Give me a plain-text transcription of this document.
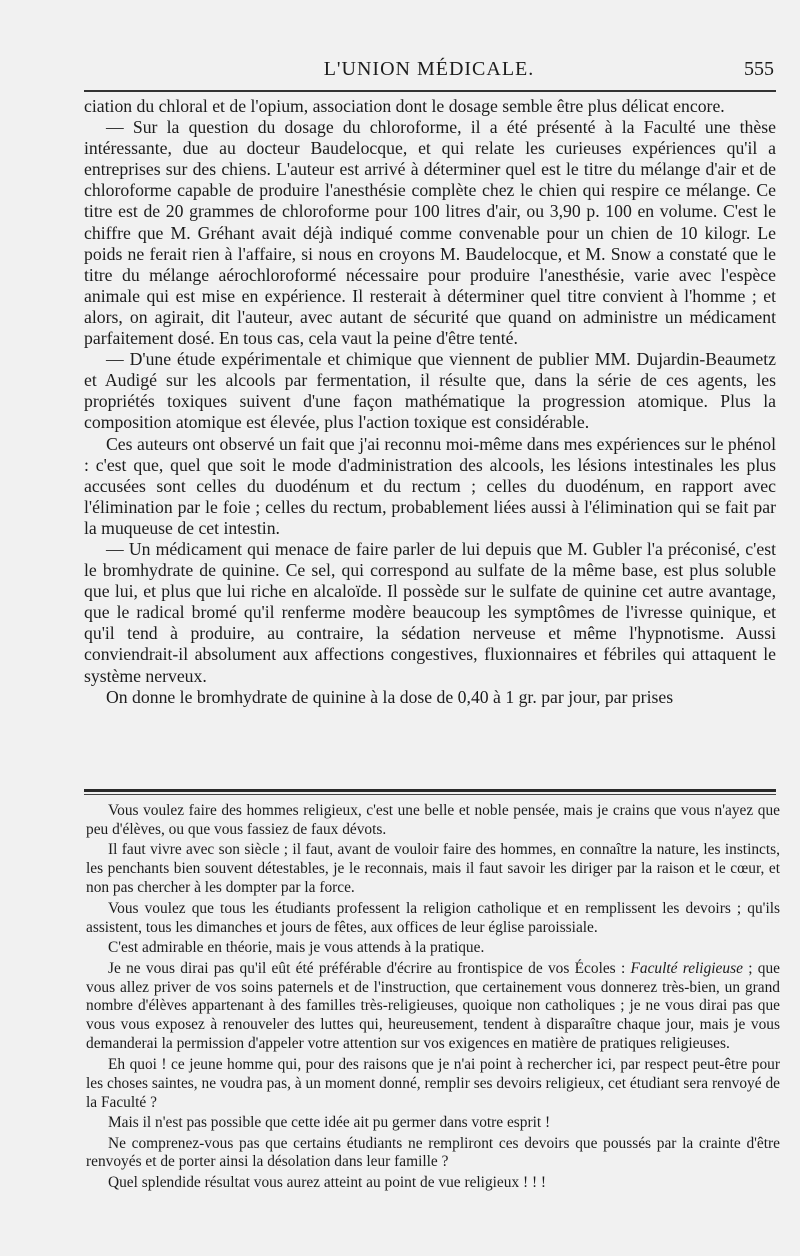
L'UNION MÉDICALE.	555

ciation du chloral et de l'opium, association dont le dosage semble être plus délicat encore.

— Sur la question du dosage du chloroforme, il a été présenté à la Faculté une thèse intéressante, due au docteur Baudelocque, et qui relate les curieuses expériences qu'il a entreprises sur des chiens. L'auteur est arrivé à déterminer quel est le titre du mélange d'air et de chloroforme capable de produire l'anesthésie complète chez le chien qui respire ce mélange. Ce titre est de 20 grammes de chloroforme pour 100 litres d'air, ou 3,90 p. 100 en volume. C'est le chiffre que M. Gréhant avait déjà indiqué comme convenable pour un chien de 10 kilogr. Le poids ne ferait rien à l'affaire, si nous en croyons M. Baudelocque, et M. Snow a constaté que le titre du mélange aérochloroformé nécessaire pour produire l'anesthésie, varie avec l'espèce animale qui est mise en expérience. Il resterait à déterminer quel titre convient à l'homme ; et alors, on agirait, dit l'auteur, avec autant de sécurité que quand on administre un médicament parfaitement dosé. En tous cas, cela vaut la peine d'être tenté.

— D'une étude expérimentale et chimique que viennent de publier MM. Dujardin-Beaumetz et Audigé sur les alcools par fermentation, il résulte que, dans la série de ces agents, les propriétés toxiques suivent d'une façon mathématique la progression atomique. Plus la composition atomique est élevée, plus l'action toxique est considérable.

Ces auteurs ont observé un fait que j'ai reconnu moi-même dans mes expériences sur le phénol : c'est que, quel que soit le mode d'administration des alcools, les lésions intestinales les plus accusées sont celles du duodénum et du rectum ; celles du duodénum, en rapport avec l'élimination par le foie ; celles du rectum, probablement liées aussi à l'élimination qui se fait par la muqueuse de cet intestin.

— Un médicament qui menace de faire parler de lui depuis que M. Gubler l'a préconisé, c'est le bromhydrate de quinine. Ce sel, qui correspond au sulfate de la même base, est plus soluble que lui, et plus que lui riche en alcaloïde. Il possède sur le sulfate de quinine cet autre avantage, que le radical bromé qu'il renferme modère beaucoup les symptômes de l'ivresse quinique, et qu'il tend à produire, au contraire, la sédation nerveuse et même l'hypnotisme. Aussi conviendrait-il absolument aux affections congestives, fluxionnaires et fébriles qui attaquent le système nerveux.

On donne le bromhydrate de quinine à la dose de 0,40 à 1 gr. par jour, par prises

Vous voulez faire des hommes religieux, c'est une belle et noble pensée, mais je crains que vous n'ayez que peu d'élèves, ou que vous fassiez de faux dévots.

Il faut vivre avec son siècle ; il faut, avant de vouloir faire des hommes, en connaître la nature, les instincts, les penchants bien souvent détestables, je le reconnais, mais il faut savoir les diriger par la raison et le cœur, et non pas chercher à les dompter par la force.

Vous voulez que tous les étudiants professent la religion catholique et en remplissent les devoirs ; qu'ils assistent, tous les dimanches et jours de fêtes, aux offices de leur église paroissiale.

C'est admirable en théorie, mais je vous attends à la pratique.

Je ne vous dirai pas qu'il eût été préférable d'écrire au frontispice de vos Écoles : Faculté religieuse ; que vous allez priver de vos soins paternels et de l'instruction, que certainement vous donnerez très-bien, un grand nombre d'élèves appartenant à des familles très-religieuses, quoique non catholiques ; je ne vous dirai pas que vous vous exposez à renouveler des luttes qui, heureusement, tendent à disparaître chaque jour, mais je vous demanderai la permission d'appeler votre attention sur vos exigences en matière de pratiques religieuses.

Eh quoi ! ce jeune homme qui, pour des raisons que je n'ai point à rechercher ici, par respect peut-être pour les choses saintes, ne voudra pas, à un moment donné, remplir ses devoirs religieux, cet étudiant sera renvoyé de la Faculté ?

Mais il n'est pas possible que cette idée ait pu germer dans votre esprit !

Ne comprenez-vous pas que certains étudiants ne rempliront ces devoirs que poussés par la crainte d'être renvoyés et de porter ainsi la désolation dans leur famille ?

Quel splendide résultat vous aurez atteint au point de vue religieux ! ! !
